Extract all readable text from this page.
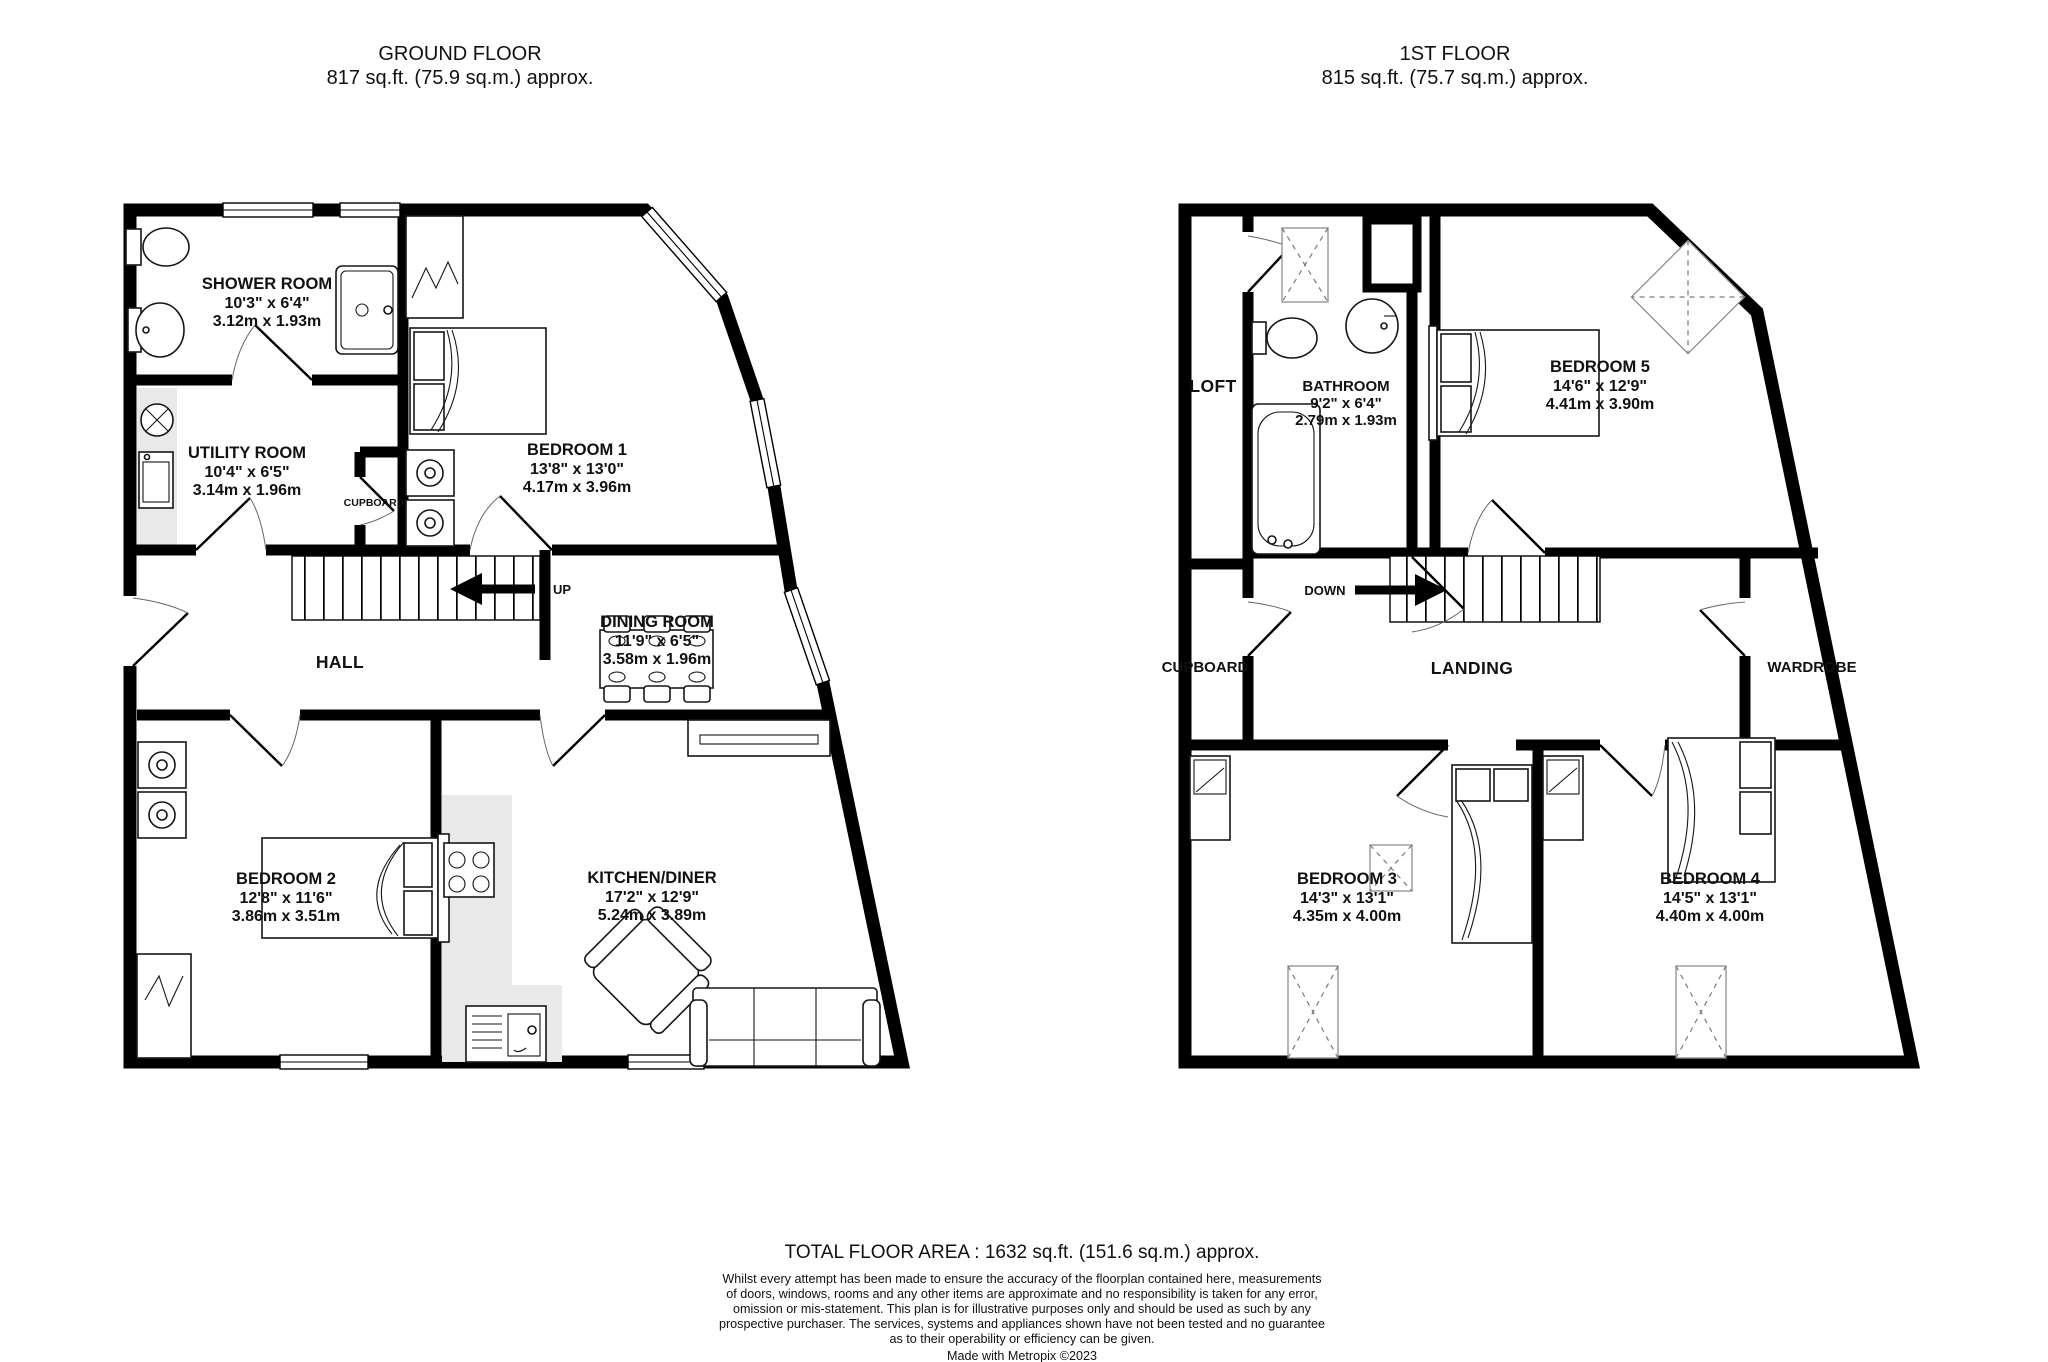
SHOWER ROOM
10'3" x 6'4"
3.12m x 1.93m
UTILITY ROOM
10'4" x 6'5"
3.14m x 1.96m
BEDROOM 1
13'8" x 13'0"
4.17m x 3.96m
CUPBOARD
HALL
UP
DINING ROOM
11'9" x 6'5"
3.58m x 1.96m
BEDROOM 2
12'8" x 11'6"
3.86m x 3.51m
KITCHEN/DINER
17'2" x 12'9"
5.24m x 3.89m
LOFT	BATHROOM
9'2" x 6'4"
2.79m x 1.93m
BEDROOM 5
14'6" x 12'9"
4.41m x 3.90m
CUPBOARD	LANDING	WARDROBE
DOWN
BEDROOM 3
14'3" x 13'1"
4.35m x 4.00m
BEDROOM 4
14'5" x 13'1"
4.40m x 4.00m
GROUND FLOOR
817 sq.ft. (75.9 sq.m.) approx.
1ST FLOOR
815 sq.ft. (75.7 sq.m.) approx.
TOTAL FLOOR AREA : 1632 sq.ft. (151.6 sq.m.) approx.
Whilst every attempt has been made to ensure the accuracy of the floorplan contained here, measurements
of doors, windows, rooms and any other items are approximate and no responsibility is taken for any error,
omission or mis-statement. This plan is for illustrative purposes only and should be used as such by any
prospective purchaser. The services, systems and appliances shown have not been tested and no guarantee
as to their operability or efficiency can be given.
Made with Metropix ©2023
